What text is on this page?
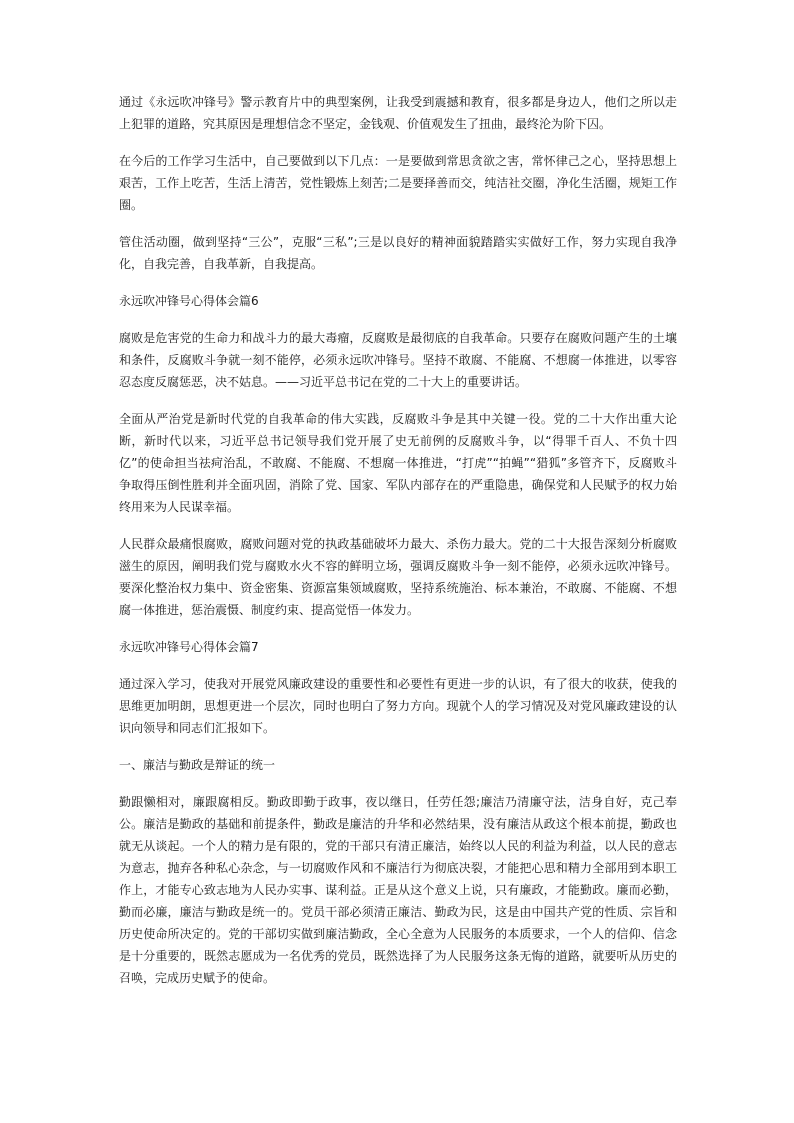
通过《永远吹冲锋号》警示教育片中的典型案例，让我受到震撼和教育，很多都是身边人，他们之所以走上犯罪的道路，究其原因是理想信念不坚定，金钱观、价值观发生了扭曲，最终沦为阶下囚。

在今后的工作学习生活中，自己要做到以下几点：一是要做到常思贪欲之害，常怀律己之心，坚持思想上艰苦，工作上吃苦，生活上清苦，党性锻炼上刻苦;二是要择善而交，纯洁社交圈，净化生活圈，规矩工作圈。

管住活动圈，做到坚持“三公”，克服“三私”;三是以良好的精神面貌踏踏实实做好工作，努力实现自我净化，自我完善，自我革新，自我提高。

永远吹冲锋号心得体会篇6

腐败是危害党的生命力和战斗力的最大毒瘤，反腐败是最彻底的自我革命。只要存在腐败问题产生的土壤和条件，反腐败斗争就一刻不能停，必须永远吹冲锋号。坚持不敢腐、不能腐、不想腐一体推进，以零容忍态度反腐惩恶，决不姑息。——习近平总书记在党的二十大上的重要讲话。

全面从严治党是新时代党的自我革命的伟大实践，反腐败斗争是其中关键一役。党的二十大作出重大论断，新时代以来，习近平总书记领导我们党开展了史无前例的反腐败斗争，以“得罪千百人、不负十四亿”的使命担当祛疴治乱，不敢腐、不能腐、不想腐一体推进，“打虎”“拍蝇”“猎狐”多管齐下，反腐败斗争取得压倒性胜利并全面巩固，消除了党、国家、军队内部存在的严重隐患，确保党和人民赋予的权力始终用来为人民谋幸福。

人民群众最痛恨腐败，腐败问题对党的执政基础破坏力最大、杀伤力最大。党的二十大报告深刻分析腐败滋生的原因，阐明我们党与腐败水火不容的鲜明立场，强调反腐败斗争一刻不能停，必须永远吹冲锋号。要深化整治权力集中、资金密集、资源富集领域腐败，坚持系统施治、标本兼治，不敢腐、不能腐、不想腐一体推进，惩治震慑、制度约束、提高觉悟一体发力。

永远吹冲锋号心得体会篇7

通过深入学习，使我对开展党风廉政建设的重要性和必要性有更进一步的认识，有了很大的收获，使我的思维更加明朗，思想更进一个层次，同时也明白了努力方向。现就个人的学习情况及对党风廉政建设的认识向领导和同志们汇报如下。

一、廉洁与勤政是辩证的统一

勤跟懒相对，廉跟腐相反。勤政即勤于政事，夜以继日，任劳任怨;廉洁乃清廉守法，洁身自好，克己奉公。廉洁是勤政的基础和前提条件，勤政是廉洁的升华和必然结果，没有廉洁从政这个根本前提，勤政也就无从谈起。一个人的精力是有限的，党的干部只有清正廉洁，始终以人民的利益为利益，以人民的意志为意志，抛弃各种私心杂念，与一切腐败作风和不廉洁行为彻底决裂，才能把心思和精力全部用到本职工作上，才能专心致志地为人民办实事、谋利益。正是从这个意义上说，只有廉政，才能勤政。廉而必勤，勤而必廉，廉洁与勤政是统一的。党员干部必须清正廉洁、勤政为民，这是由中国共产党的性质、宗旨和历史使命所决定的。党的干部切实做到廉洁勤政，全心全意为人民服务的本质要求，一个人的信仰、信念是十分重要的，既然志愿成为一名优秀的党员，既然选择了为人民服务这条无悔的道路，就要听从历史的召唤，完成历史赋予的使命。
